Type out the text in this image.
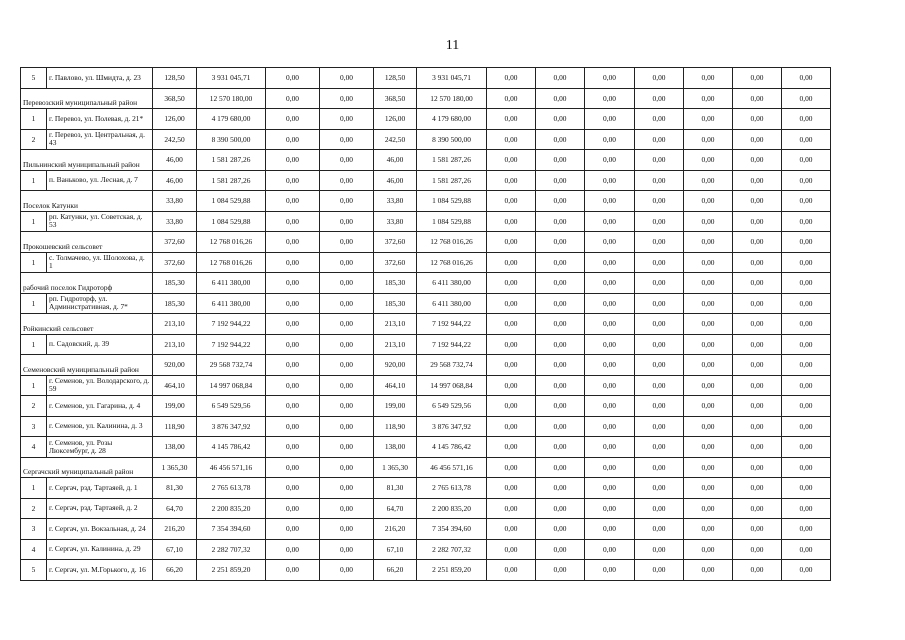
11
5	г. Павлово, ул. Шмидта, д. 23	128,50	3 931 045,71	0,00	0,00	128,50	3 931 045,71	0,00	0,00	0,00	0,00	0,00	0,00	0,00
Перевозский муниципальный район		368,50	12 570 180,00	0,00	0,00	368,50	12 570 180,00	0,00	0,00	0,00	0,00	0,00	0,00	0,00
1	г. Перевоз, ул. Полевая, д. 21*	126,00	4 179 680,00	0,00	0,00	126,00	4 179 680,00	0,00	0,00	0,00	0,00	0,00	0,00	0,00
2	г. Перевоз, ул. Центральная, д. 43	242,50	8 390 500,00	0,00	0,00	242,50	8 390 500,00	0,00	0,00	0,00	0,00	0,00	0,00	0,00
Пильнинский муниципальный район		46,00	1 581 287,26	0,00	0,00	46,00	1 581 287,26	0,00	0,00	0,00	0,00	0,00	0,00	0,00
1	п. Ваньково, ул. Лесная, д. 7	46,00	1 581 287,26	0,00	0,00	46,00	1 581 287,26	0,00	0,00	0,00	0,00	0,00	0,00	0,00
Поселок Катунки		33,80	1 084 529,88	0,00	0,00	33,80	1 084 529,88	0,00	0,00	0,00	0,00	0,00	0,00	0,00
1	рп. Катунки, ул. Советская, д. 53	33,80	1 084 529,88	0,00	0,00	33,80	1 084 529,88	0,00	0,00	0,00	0,00	0,00	0,00	0,00
Прокошевский сельсовет		372,60	12 768 016,26	0,00	0,00	372,60	12 768 016,26	0,00	0,00	0,00	0,00	0,00	0,00	0,00
1	с. Толмачево, ул. Шолохова, д. 1	372,60	12 768 016,26	0,00	0,00	372,60	12 768 016,26	0,00	0,00	0,00	0,00	0,00	0,00	0,00
рабочий поселок Гидроторф		185,30	6 411 380,00	0,00	0,00	185,30	6 411 380,00	0,00	0,00	0,00	0,00	0,00	0,00	0,00
1	рп. Гидроторф, ул. Административная, д. 7*	185,30	6 411 380,00	0,00	0,00	185,30	6 411 380,00	0,00	0,00	0,00	0,00	0,00	0,00	0,00
Ройкинский сельсовет		213,10	7 192 944,22	0,00	0,00	213,10	7 192 944,22	0,00	0,00	0,00	0,00	0,00	0,00	0,00
1	п. Садовский, д. 39	213,10	7 192 944,22	0,00	0,00	213,10	7 192 944,22	0,00	0,00	0,00	0,00	0,00	0,00	0,00
Семеновский муниципальный район		920,00	29 568 732,74	0,00	0,00	920,00	29 568 732,74	0,00	0,00	0,00	0,00	0,00	0,00	0,00
1	г. Семенов, ул. Володарского, д. 59	464,10	14 997 068,84	0,00	0,00	464,10	14 997 068,84	0,00	0,00	0,00	0,00	0,00	0,00	0,00
2	г. Семенов, ул. Гагарина, д. 4	199,00	6 549 529,56	0,00	0,00	199,00	6 549 529,56	0,00	0,00	0,00	0,00	0,00	0,00	0,00
3	г. Семенов, ул. Калинина, д. 3	118,90	3 876 347,92	0,00	0,00	118,90	3 876 347,92	0,00	0,00	0,00	0,00	0,00	0,00	0,00
4	г. Семенов, ул. Розы Люксембург, д. 28	138,00	4 145 786,42	0,00	0,00	138,00	4 145 786,42	0,00	0,00	0,00	0,00	0,00	0,00	0,00
Сергачский муниципальный район		1 365,30	46 456 571,16	0,00	0,00	1 365,30	46 456 571,16	0,00	0,00	0,00	0,00	0,00	0,00	0,00
1	г. Сергач, рзд. Тартаяей, д. 1	81,30	2 765 613,78	0,00	0,00	81,30	2 765 613,78	0,00	0,00	0,00	0,00	0,00	0,00	0,00
2	г. Сергач, рзд. Тартаяей, д. 2	64,70	2 200 835,20	0,00	0,00	64,70	2 200 835,20	0,00	0,00	0,00	0,00	0,00	0,00	0,00
3	г. Сергач, ул. Вокзальная, д. 24	216,20	7 354 394,60	0,00	0,00	216,20	7 354 394,60	0,00	0,00	0,00	0,00	0,00	0,00	0,00
4	г. Сергач, ул. Калинина, д. 29	67,10	2 282 707,32	0,00	0,00	67,10	2 282 707,32	0,00	0,00	0,00	0,00	0,00	0,00	0,00
5	г. Сергач, ул. М.Горького, д. 16	66,20	2 251 859,20	0,00	0,00	66,20	2 251 859,20	0,00	0,00	0,00	0,00	0,00	0,00	0,00
